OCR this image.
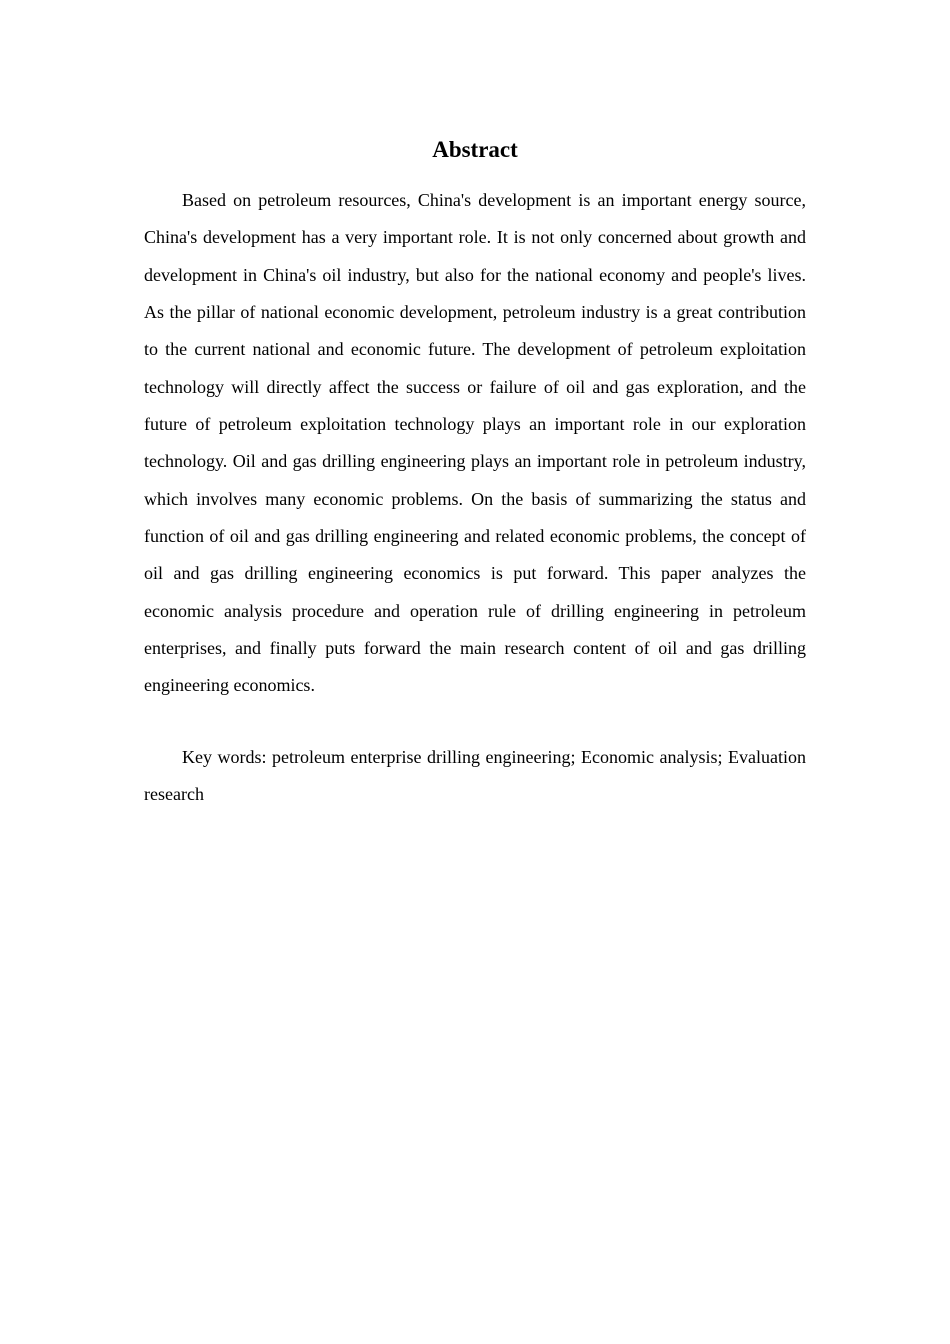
Abstract

Based on petroleum resources, China's development is an important energy source, China's development has a very important role. It is not only concerned about growth and development in China's oil industry, but also for the national economy and people's lives. As the pillar of national economic development, petroleum industry is a great contribution to the current national and economic future. The development of petroleum exploitation technology will directly affect the success or failure of oil and gas exploration, and the future of petroleum exploitation technology plays an important role in our exploration technology. Oil and gas drilling engineering plays an important role in petroleum industry, which involves many economic problems. On the basis of summarizing the status and function of oil and gas drilling engineering and related economic problems, the concept of oil and gas drilling engineering economics is put forward. This paper analyzes the economic analysis procedure and operation rule of drilling engineering in petroleum enterprises, and finally puts forward the main research content of oil and gas drilling engineering economics.

Key words: petroleum enterprise drilling engineering; Economic analysis; Evaluation research
